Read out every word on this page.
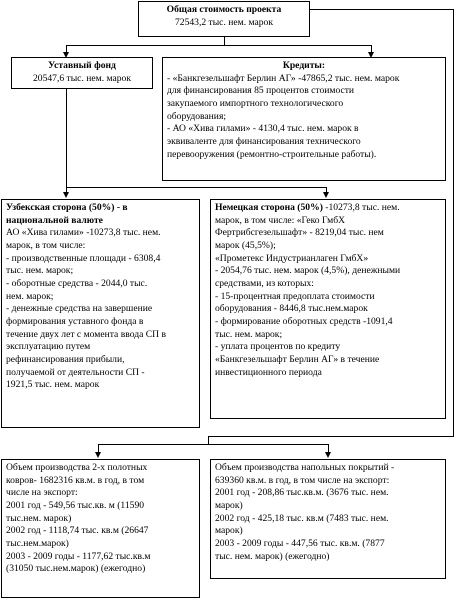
Общая стоимость проекта
72543,2 тыс. нем. марок
Уставный фонд
20547,6 тыс. нем. марок
Кредиты:
- «Банкгезельшафт Берлин АГ» -47865,2 тыс. нем. марок
для финансирования 85 процентов стоимости
закупаемого импортного технологического
оборудования;
- АО «Хива гилами» - 4130,4 тыс. нем. марок в
эквиваленте для финансирования технического
перевооружения (ремонтно-строительные работы).
Узбекская сторона (50%) - в
национальной валюте
АО «Хива гилами» -10273,8 тыс. нем.
марок, в том числе:
- производственные площади - 6308,4
тыс. нем. марок;
- оборотные средства - 2044,0 тыс.
нем. марок;
- денежные средства на завершение
формирования уставного фонда в
течение двух лет с момента ввода СП в
эксплуатацию путем
рефинансирования прибыли,
получаемой от деятельности СП -
1921,5 тыс. нем. марок
Немецкая сторона (50%) -10273,8 тыс. нем.
марок, в том числе: «Геко ГмбХ
Фертрибсгезельшафт» - 8219,04 тыс. нем
марок (45,5%);
«Прометекс Индустрианлаген ГмбХ»
- 2054,76 тыс. нем. марок (4,5%), денежными
средствами, из которых:
- 15-процентная предоплата стоимости
оборудования - 8446,8 тыс.нем.марок
- формирование оборотных средств -1091,4
тыс. нем. марок;
- уплата процентов по кредиту
«Банкгезельшафт Берлин АГ» в течение
инвестиционного периода
Объем производства 2-х полотных
ковров- 1682316 кв.м. в год, в том
числе на экспорт:
2001 год - 549,56 тыс.кв. м (11590
тыс.нем. марок)
2002 год - 1118,74 тыс. кв.м (26647
тыс.нем.марок)
2003 - 2009 годы - 1177,62 тыс.кв.м
(31050 тыс.нем.марок) (ежегодно)
Объем производства напольных покрытий -
639360 кв.м. в год, в том числе на экспорт:
2001 год - 208,86 тыс.кв.м. (3676 тыс. нем.
марок)
2002 год - 425,18 тыс. кв.м (7483 тыс. нем.
марок)
2003 - 2009 годы - 447,56 тыс. кв.м. (7877
тыс. нем. марок) (ежегодно)
